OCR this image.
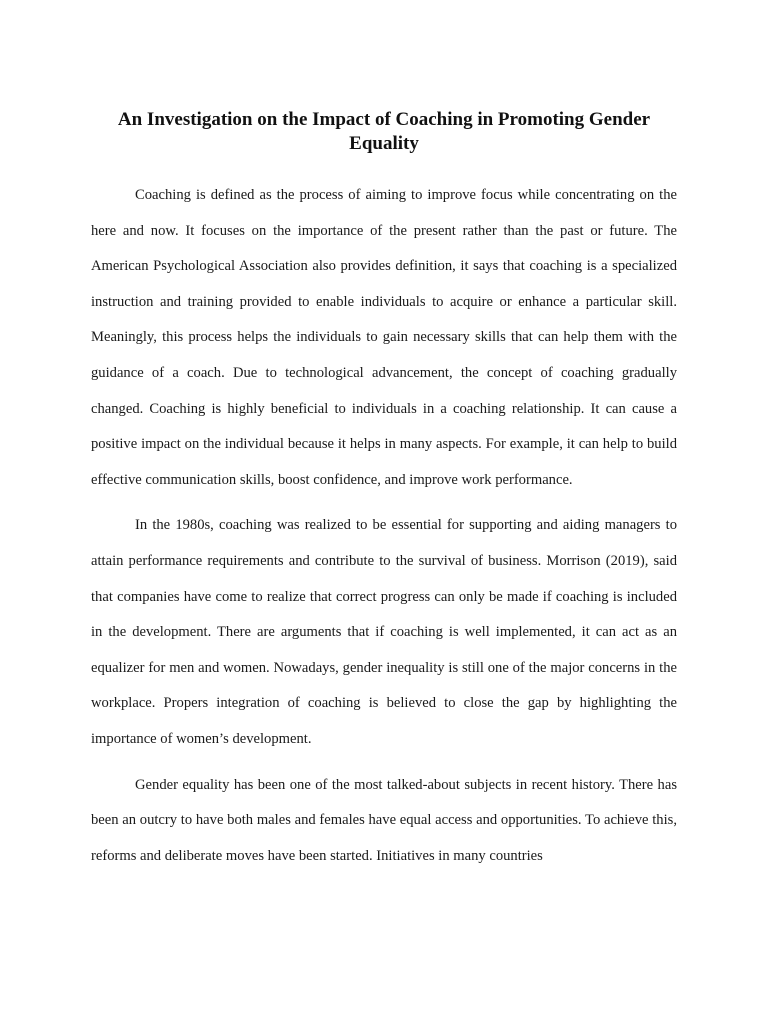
An Investigation on the Impact of Coaching in Promoting Gender Equality

Coaching is defined as the process of aiming to improve focus while concentrating on the here and now. It focuses on the importance of the present rather than the past or future. The American Psychological Association also provides definition, it says that coaching is a specialized instruction and training provided to enable individuals to acquire or enhance a particular skill. Meaningly, this process helps the individuals to gain necessary skills that can help them with the guidance of a coach. Due to technological advancement, the concept of coaching gradually changed. Coaching is highly beneficial to individuals in a coaching relationship. It can cause a positive impact on the individual because it helps in many aspects. For example, it can help to build effective communication skills, boost confidence, and improve work performance.

In the 1980s, coaching was realized to be essential for supporting and aiding managers to attain performance requirements and contribute to the survival of business. Morrison (2019), said that companies have come to realize that correct progress can only be made if coaching is included in the development. There are arguments that if coaching is well implemented, it can act as an equalizer for men and women. Nowadays, gender inequality is still one of the major concerns in the workplace. Propers integration of coaching is believed to close the gap by highlighting the importance of women’s development.

Gender equality has been one of the most talked-about subjects in recent history. There has been an outcry to have both males and females have equal access and opportunities. To achieve this, reforms and deliberate moves have been started. Initiatives in many countries
